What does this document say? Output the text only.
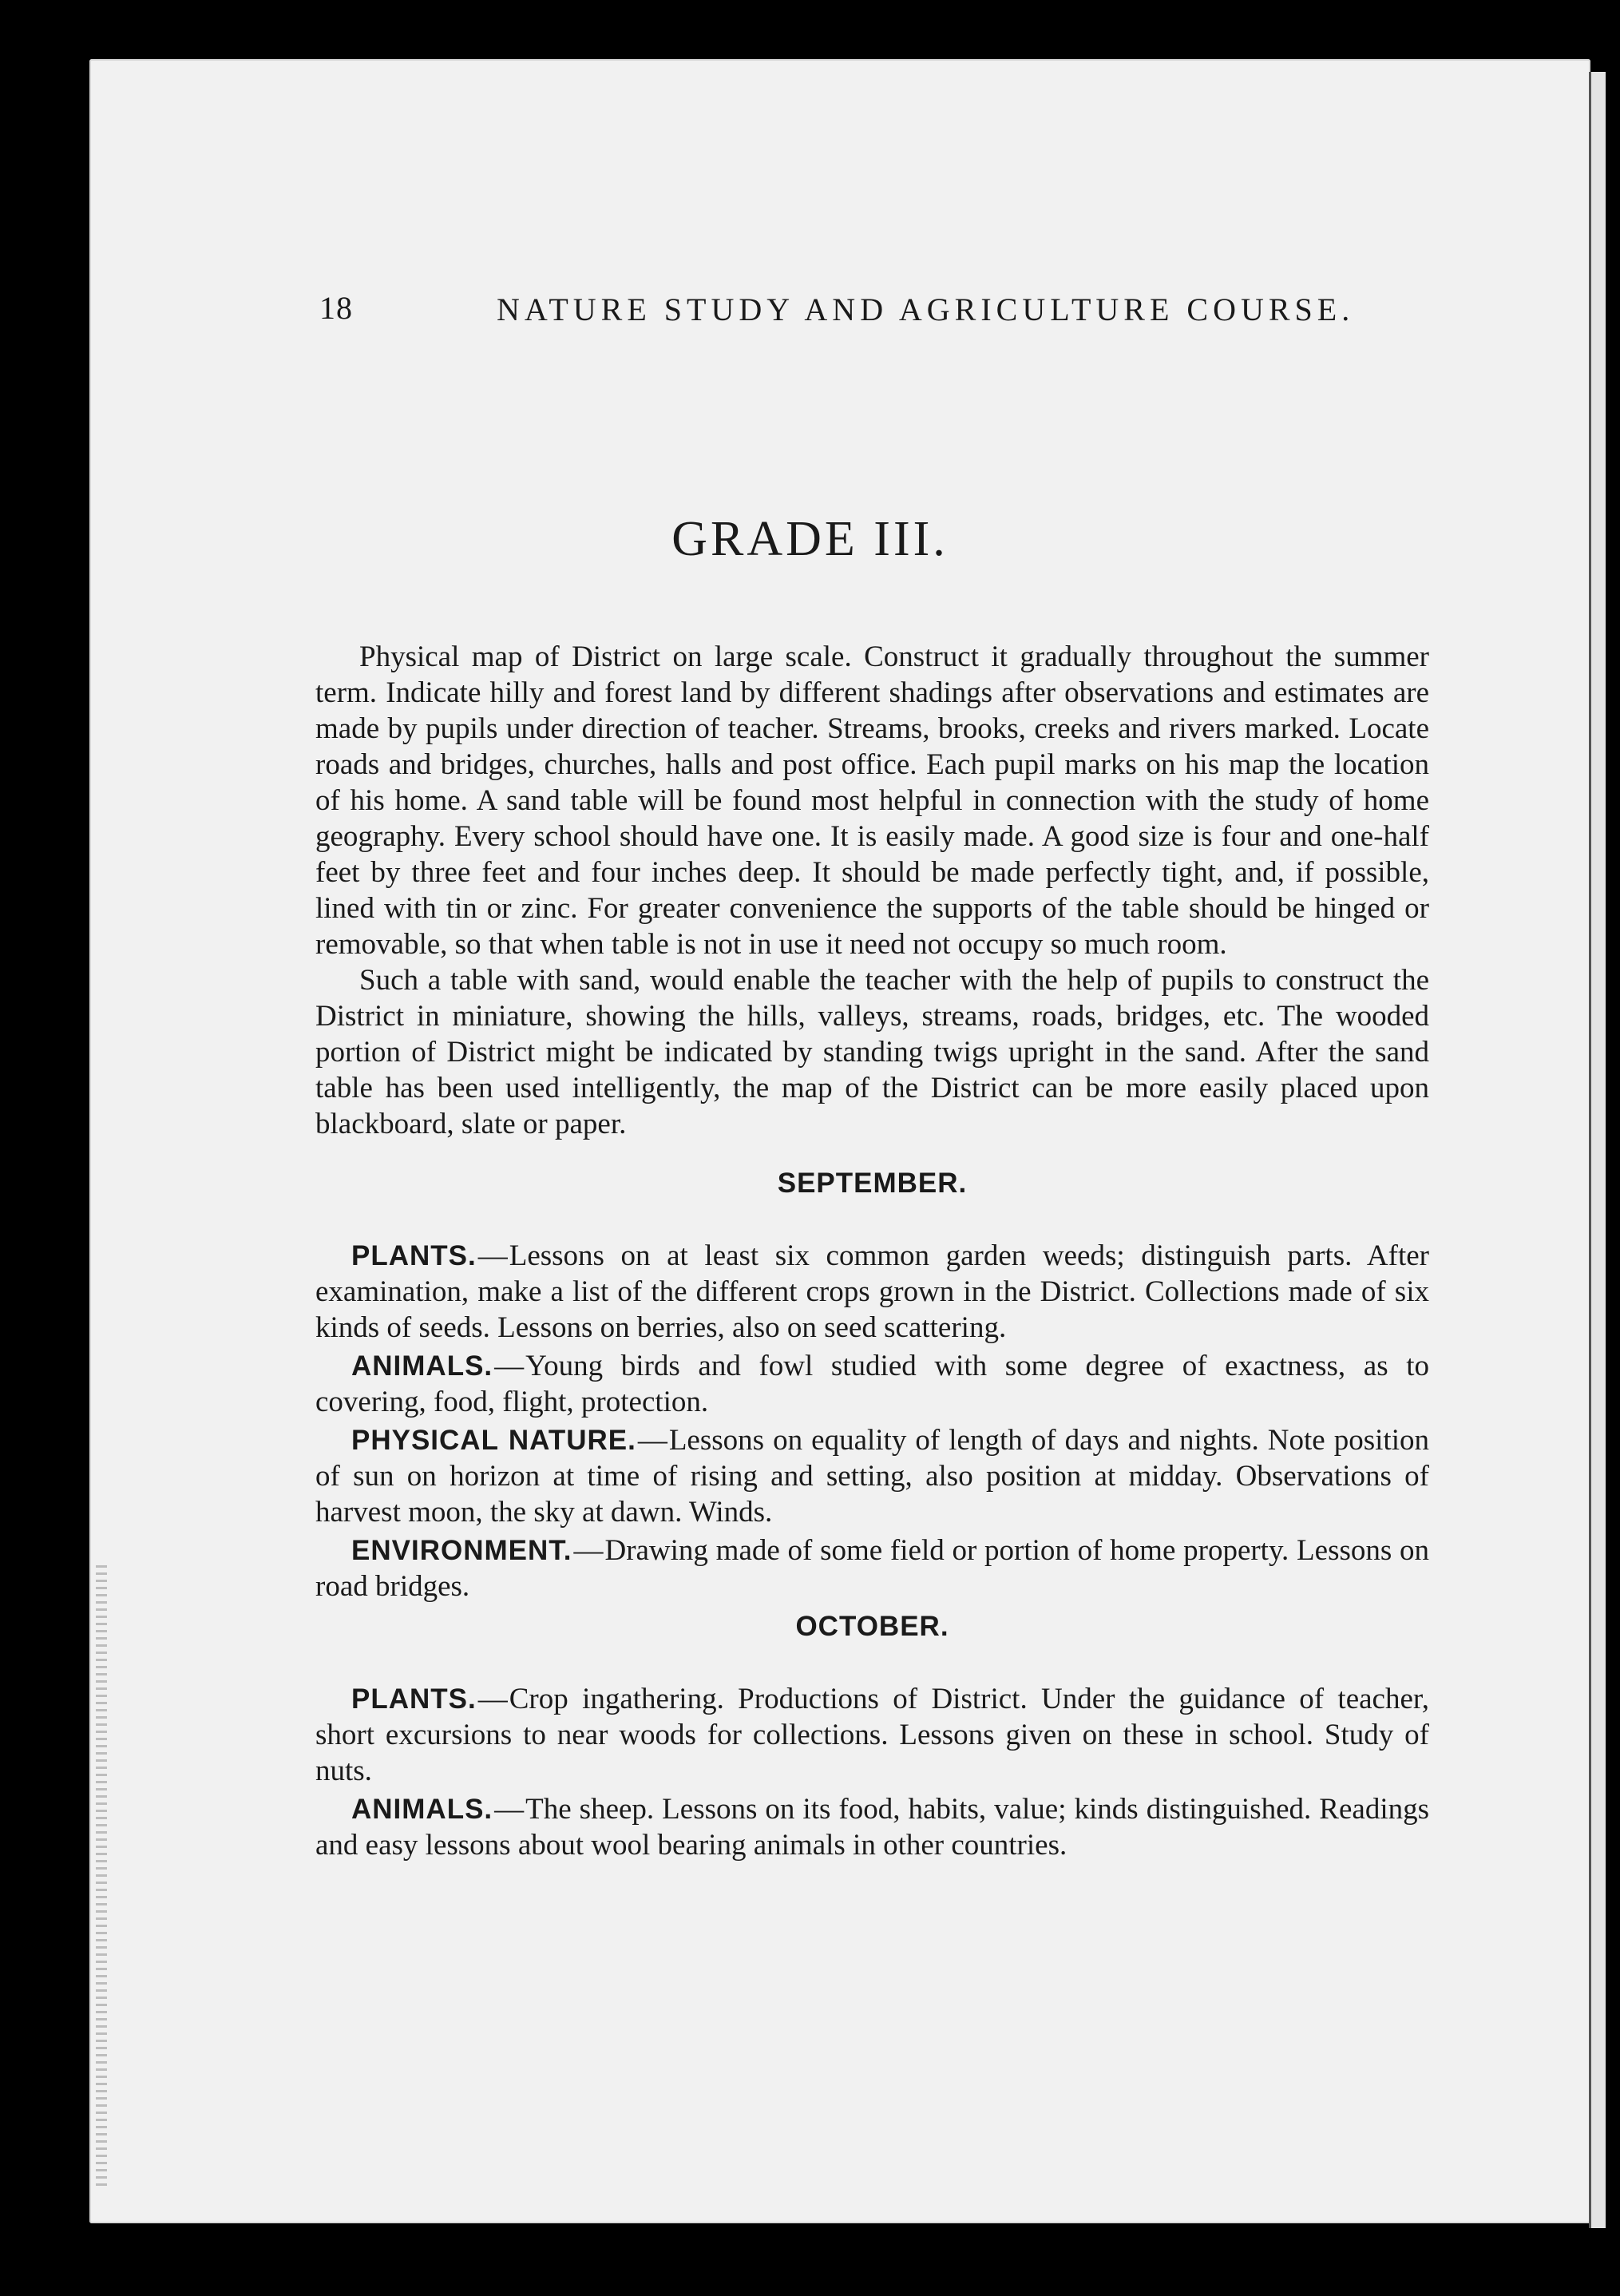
18	NATURE STUDY AND AGRICULTURE COURSE.
GRADE III.

Physical map of District on large scale. Construct it gradually throughout the summer term. Indicate hilly and forest land by different shadings after observations and estimates are made by pupils under direction of teacher. Streams, brooks, creeks and rivers marked. Locate roads and bridges, churches, halls and post office. Each pupil marks on his map the location of his home. A sand table will be found most helpful in connection with the study of home geography. Every school should have one. It is easily made. A good size is four and one-half feet by three feet and four inches deep. It should be made perfectly tight, and, if possible, lined with tin or zinc. For greater convenience the supports of the table should be hinged or removable, so that when table is not in use it need not occupy so much room.

Such a table with sand, would enable the teacher with the help of pupils to construct the District in miniature, showing the hills, valleys, streams, roads, bridges, etc. The wooded portion of District might be indicated by standing twigs upright in the sand. After the sand table has been used intelligently, the map of the District can be more easily placed upon blackboard, slate or paper.

SEPTEMBER.

PLANTS.—Lessons on at least six common garden weeds; distinguish parts. After examination, make a list of the different crops grown in the District. Collections made of six kinds of seeds. Lessons on berries, also on seed scattering.

ANIMALS.—Young birds and fowl studied with some degree of exactness, as to covering, food, flight, protection.

PHYSICAL NATURE.—Lessons on equality of length of days and nights. Note position of sun on horizon at time of rising and setting, also position at midday. Observations of harvest moon, the sky at dawn. Winds.

ENVIRONMENT.—Drawing made of some field or portion of home property. Lessons on road bridges.

OCTOBER.

PLANTS.—Crop ingathering. Productions of District. Under the guidance of teacher, short excursions to near woods for collections. Lessons given on these in school. Study of nuts.

ANIMALS.—The sheep. Lessons on its food, habits, value; kinds distinguished. Readings and easy lessons about wool bearing animals in other countries.
